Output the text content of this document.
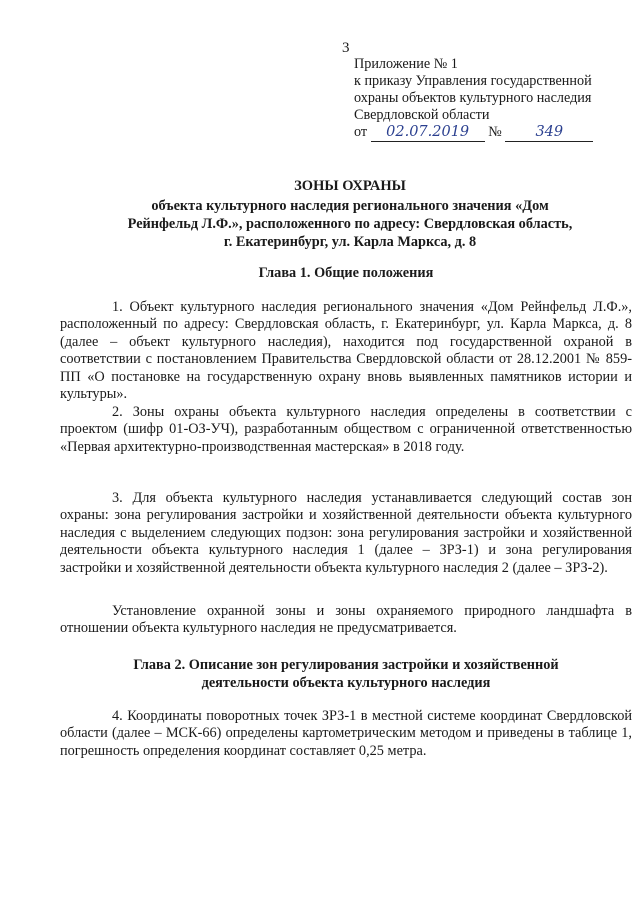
3
Приложение № 1
к приказу Управления государственной
охраны объектов культурного наследия
Свердловской области
от 02.07.2019 № 349
ЗОНЫ ОХРАНЫ
объекта культурного наследия регионального значения «Дом
Рейнфельд Л.Ф.», расположенного по адресу: Свердловская область,
г. Екатеринбург, ул. Карла Маркса, д. 8
Глава 1. Общие положения

1. Объект культурного наследия регионального значения «Дом Рейнфельд Л.Ф.», расположенный по адресу: Свердловская область, г. Екатеринбург, ул. Карла Маркса, д. 8 (далее – объект культурного наследия), находится под государственной охраной в соответствии с постановлением Правительства Свердловской области от 28.12.2001 № 859-ПП «О постановке на государственную охрану вновь выявленных памятников истории и культуры».

2. Зоны охраны объекта культурного наследия определены в соответствии с проектом (шифр 01-ОЗ-УЧ), разработанным обществом с ограниченной ответственностью «Первая архитектурно-производственная мастерская» в 2018 году.

3. Для объекта культурного наследия устанавливается следующий состав зон охраны: зона регулирования застройки и хозяйственной деятельности объекта культурного наследия с выделением следующих подзон: зона регулирования застройки и хозяйственной деятельности объекта культурного наследия 1 (далее – ЗРЗ-1) и зона регулирования застройки и хозяйственной деятельности объекта культурного наследия 2 (далее – ЗРЗ-2).

Установление охранной зоны и зоны охраняемого природного ландшафта в отношении объекта культурного наследия не предусматривается.

Глава 2. Описание зон регулирования застройки и хозяйственной
деятельности объекта культурного наследия

4. Координаты поворотных точек ЗРЗ-1 в местной системе координат Свердловской области (далее – МСК-66) определены картометрическим методом и приведены в таблице 1, погрешность определения координат составляет 0,25 метра.
